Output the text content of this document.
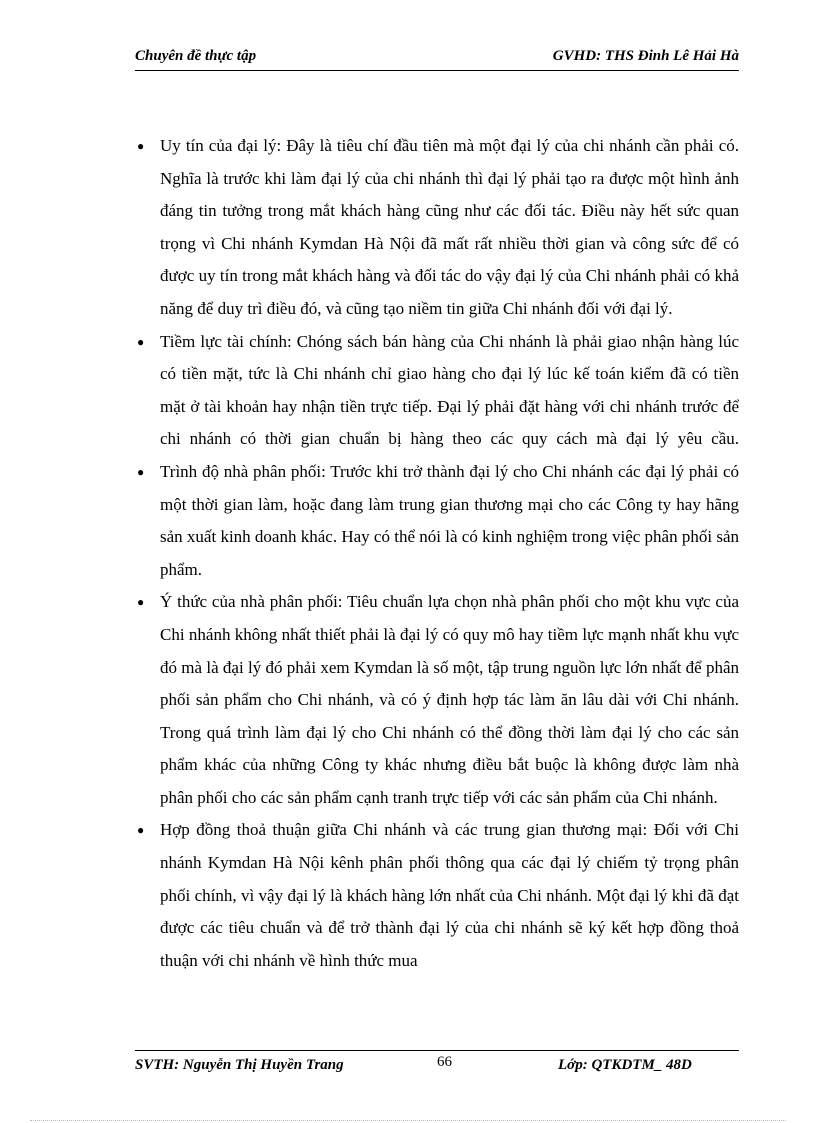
Chuyên đề thực tập	GVHD: THS Đinh Lê Hải Hà
● Uy tín của đại lý: Đây là tiêu chí đầu tiên mà một đại lý của chi nhánh cần phải có. Nghĩa là trước khi làm đại lý của chi nhánh thì đại lý phải tạo ra được một hình ảnh đáng tin tưởng trong mắt khách hàng cũng như các đối tác. Điều này hết sức quan trọng vì Chi nhánh Kymdan Hà Nội đã mất rất nhiều thời gian và công sức để có được uy tín trong mắt khách hàng và đối tác do vậy đại lý của Chi nhánh phải có khả năng để duy trì điều đó, và cũng tạo niềm tin giữa Chi nhánh đối với đại lý.
● Tiềm lực tài chính: Chóng sách bán hàng của Chi nhánh là phải giao nhận hàng lúc có tiền mặt, tức là Chi nhánh chỉ giao hàng cho đại lý lúc kế toán kiểm đã có tiền mặt ở tài khoản hay nhận tiền trực tiếp. Đại lý phải đặt hàng với chi nhánh trước để chi nhánh có thời gian chuẩn bị hàng theo các quy cách mà đại lý yêu cầu.
● Trình độ nhà phân phối: Trước khi trở thành đại lý cho Chi nhánh các đại lý phải có một thời gian làm, hoặc đang làm trung gian thương mại cho các Công ty hay hãng sản xuất kinh doanh khác. Hay có thể nói là có kinh nghiệm trong việc phân phối sản phẩm.
● Ý thức của nhà phân phối: Tiêu chuẩn lựa chọn nhà phân phối cho một khu vực của Chi nhánh không nhất thiết phải là đại lý có quy mô hay tiềm lực mạnh nhất khu vực đó mà là đại lý đó phải xem Kymdan là số một, tập trung nguồn lực lớn nhất để phân phối sản phẩm cho Chi nhánh, và có ý định hợp tác làm ăn lâu dài với Chi nhánh. Trong quá trình làm đại lý cho Chi nhánh có thể đồng thời làm đại lý cho các sản phẩm khác của những Công ty khác nhưng điều bắt buộc là không được làm nhà phân phối cho các sản phẩm cạnh tranh trực tiếp với các sản phẩm của Chi nhánh.
● Hợp đồng thoả thuận giữa Chi nhánh và các trung gian thương mại: Đối với Chi nhánh Kymdan Hà Nội kênh phân phối thông qua các đại lý chiếm tỷ trọng phân phối chính, vì vậy đại lý là khách hàng lớn nhất của Chi nhánh. Một đại lý khi đã đạt được các tiêu chuẩn và để trở thành đại lý của chi nhánh sẽ ký kết hợp đồng thoả thuận với chi nhánh về hình thức mua
SVTH: Nguyễn Thị Huyền Trang	66	Lớp: QTKDTM_ 48D
